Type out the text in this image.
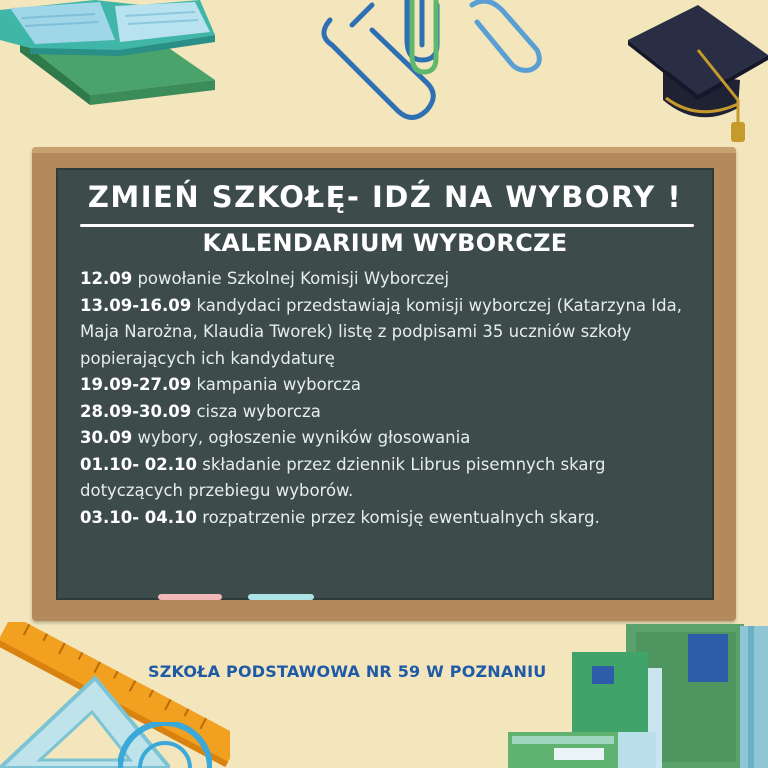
ZMIEŃ SZKOŁĘ- IDŹ NA WYBORY !
KALENDARIUM WYBORCZE
12.09 powołanie Szkolnej Komisji Wyborczej
13.09-16.09 kandydaci przedstawiają komisji wyborczej (Katarzyna Ida, Maja Narożna, Klaudia Tworek) listę z podpisami 35 uczniów szkoły popierających ich kandydaturę
19.09-27.09 kampania wyborcza
28.09-30.09 cisza wyborcza
30.09 wybory, ogłoszenie wyników głosowania
01.10- 02.10 składanie przez dziennik Librus pisemnych skarg dotyczących przebiegu wyborów.
03.10- 04.10 rozpatrzenie przez komisję ewentualnych skarg.

SZKOŁA PODSTAWOWA NR 59 W POZNANIU
